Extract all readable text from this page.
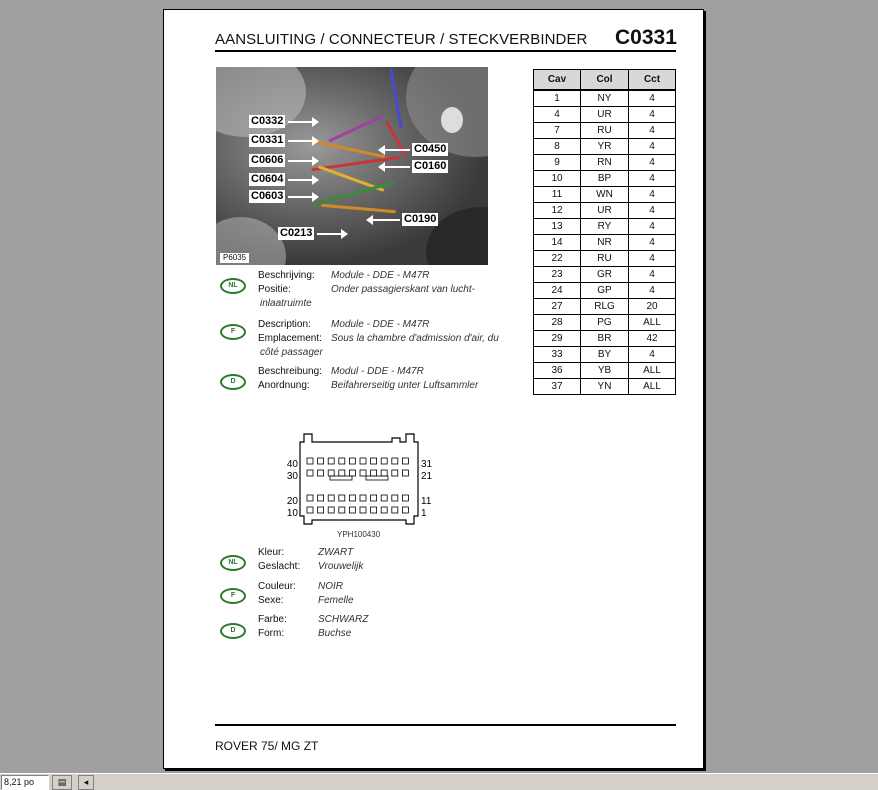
AANSLUITING / CONNECTEUR / STECKVERBINDER C0331
C0332
C0331
C0606
C0604
C0603
C0213
C0450
C0160
C0190
P6035
NL
Beschrijving: Module - DDE - M47R
Positie:	Onder passagierskant van lucht-
inlaatruimte
F
Description: Module - DDE - M47R
Emplacement: Sous la chambre d'admission d'air, du
côté passager
D
Beschreibung: Modul - DDE - M47R
Anordnung: Beifahrerseitig unter Luftsammler
Cav	Col	Cct
1	NY	4
4	UR	4
7	RU	4
8	YR	4
9	RN	4
10	BP	4
11	WN	4
12	UR	4
13	RY	4
14	NR	4
22	RU	4
23	GR	4
24	GP	4
27	RLG	20
28	PG	ALL
29	BR	42
33	BY	4
36	YB	ALL
37	YN	ALL
40
30
20
10
31
21
11
1
YPH100430
NL
Kleur:	ZWART
Geslacht: Vrouwelijk
F
Couleur: NOIR
Sexe:	Femelle
D
Farbe:	SCHWARZ
Form:	Buchse
ROVER 75/ MG ZT
8,21 po	▤	◂
